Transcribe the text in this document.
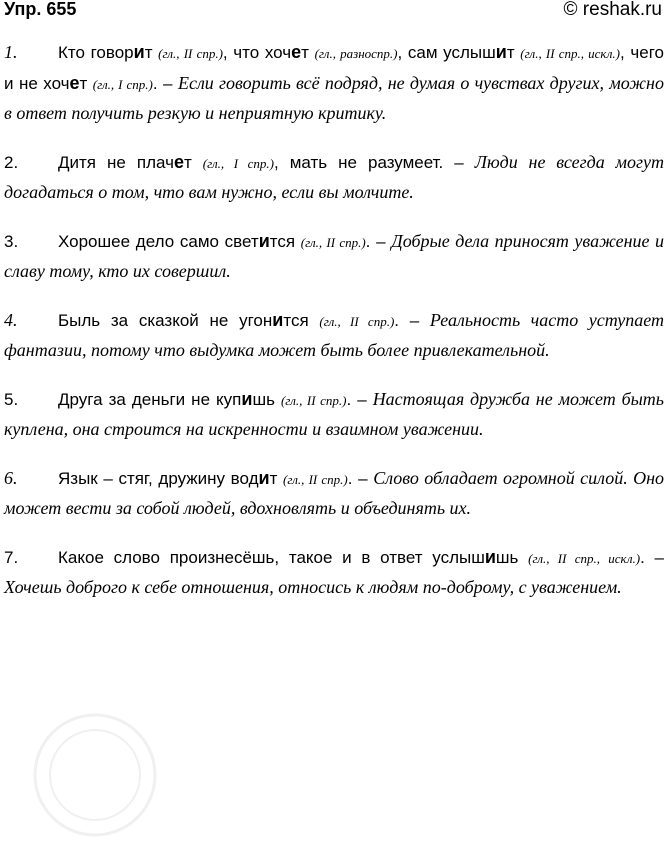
Упр. 655	© reshak.ru
1. Кто говорит (гл., II спр.), что хочет (гл., разноспр.), сам услышит (гл., II спр., искл.), чего и не хочет (гл., I спр.). – Если говорить всё подряд, не думая о чувствах других, можно в ответ получить резкую и неприятную критику.
2. Дитя не плачет (гл., I спр.), мать не разумеет. – Люди не всегда могут догадаться о том, что вам нужно, если вы молчите.
3. Хорошее дело само светится (гл., II спр.). – Добрые дела приносят уважение и славу тому, кто их совершил.
4. Быль за сказкой не угонится (гл., II спр.). – Реальность часто уступает фантазии, потому что выдумка может быть более привлекательной.
5. Друга за деньги не купишь (гл., II спр.). – Настоящая дружба не может быть куплена, она строится на искренности и взаимном уважении.
6. Язык – стяг, дружину водит (гл., II спр.). – Слово обладает огромной силой. Оно может вести за собой людей, вдохновлять и объединять их.
7. Какое слово произнесёшь, такое и в ответ услышишь (гл., II спр., искл.). – Хочешь доброго к себе отношения, относись к людям по-доброму, с уважением.
